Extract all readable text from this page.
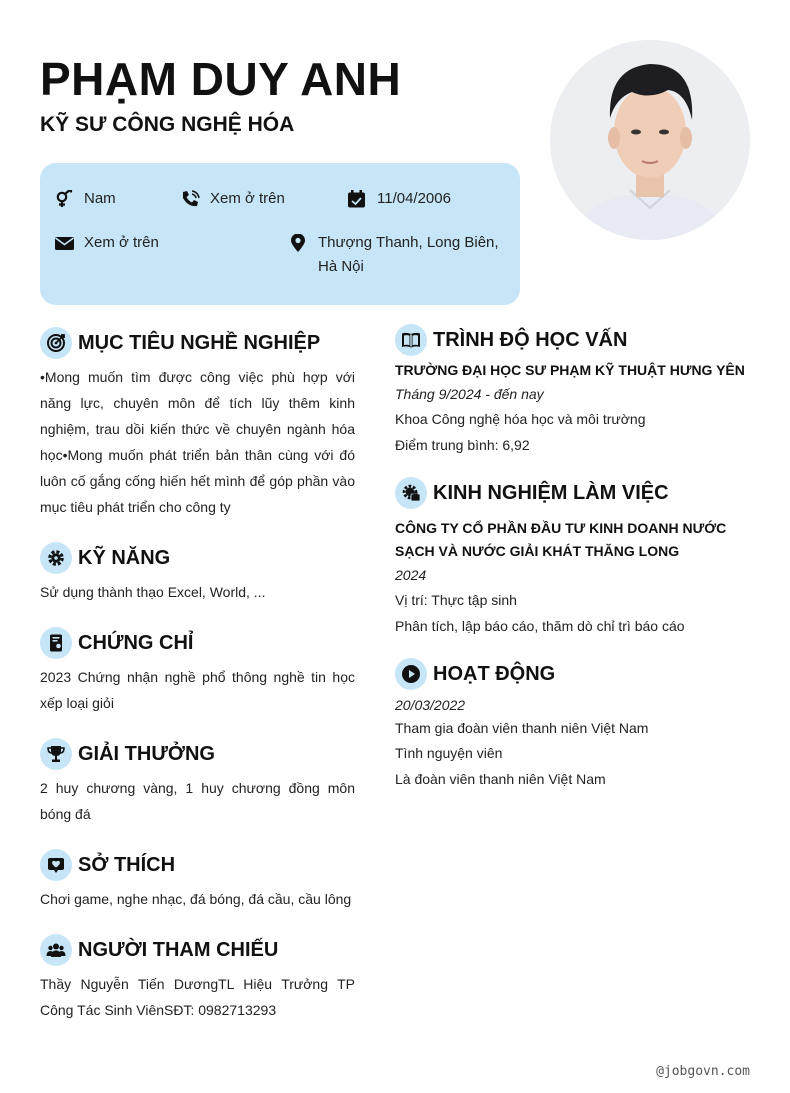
PHẠM DUY ANH
KỸ SƯ CÔNG NGHỆ HÓA
Nam	Xem ở trên	11/04/2006
Xem ở trên	Thượng Thanh, Long Biên, Hà Nội
MỤC TIÊU NGHỀ NGHIỆP
•Mong muốn tìm được công việc phù hợp với năng lực, chuyên môn để tích lũy thêm kinh nghiệm, trau dồi kiến thức về chuyên ngành hóa học•Mong muốn phát triển bản thân cùng với đó luôn cố gắng cống hiến hết mình để góp phần vào mục tiêu phát triển cho công ty
KỸ NĂNG
Sử dụng thành thạo Excel, World, ...
CHỨNG CHỈ
2023 Chứng nhận nghề phổ thông nghề tin học xếp loại giỏi
GIẢI THƯỞNG
2 huy chương vàng, 1 huy chương đồng môn bóng đá
SỞ THÍCH
Chơi game, nghe nhạc, đá bóng, đá cầu, cầu lông
NGƯỜI THAM CHIẾU
Thầy Nguyễn Tiến DươngTL Hiệu Trưởng TP Công Tác Sinh ViênSĐT: 0982713293
TRÌNH ĐỘ HỌC VẤN
TRƯỜNG ĐẠI HỌC SƯ PHẠM KỸ THUẬT HƯNG YÊN
Tháng 9/2024 - đến nay
Khoa Công nghệ hóa học và môi trường
Điểm trung bình: 6,92
KINH NGHIỆM LÀM VIỆC
CÔNG TY CỔ PHẦN ĐẦU TƯ KINH DOANH NƯỚC SẠCH VÀ NƯỚC GIẢI KHÁT THĂNG LONG
2024
Vị trí: Thực tập sinh
Phân tích, lập báo cáo, thăm dò chỉ trì báo cáo
HOẠT ĐỘNG
20/03/2022
Tham gia đoàn viên thanh niên Việt Nam
Tình nguyện viên
Là đoàn viên thanh niên Việt Nam
@jobgovn.com
